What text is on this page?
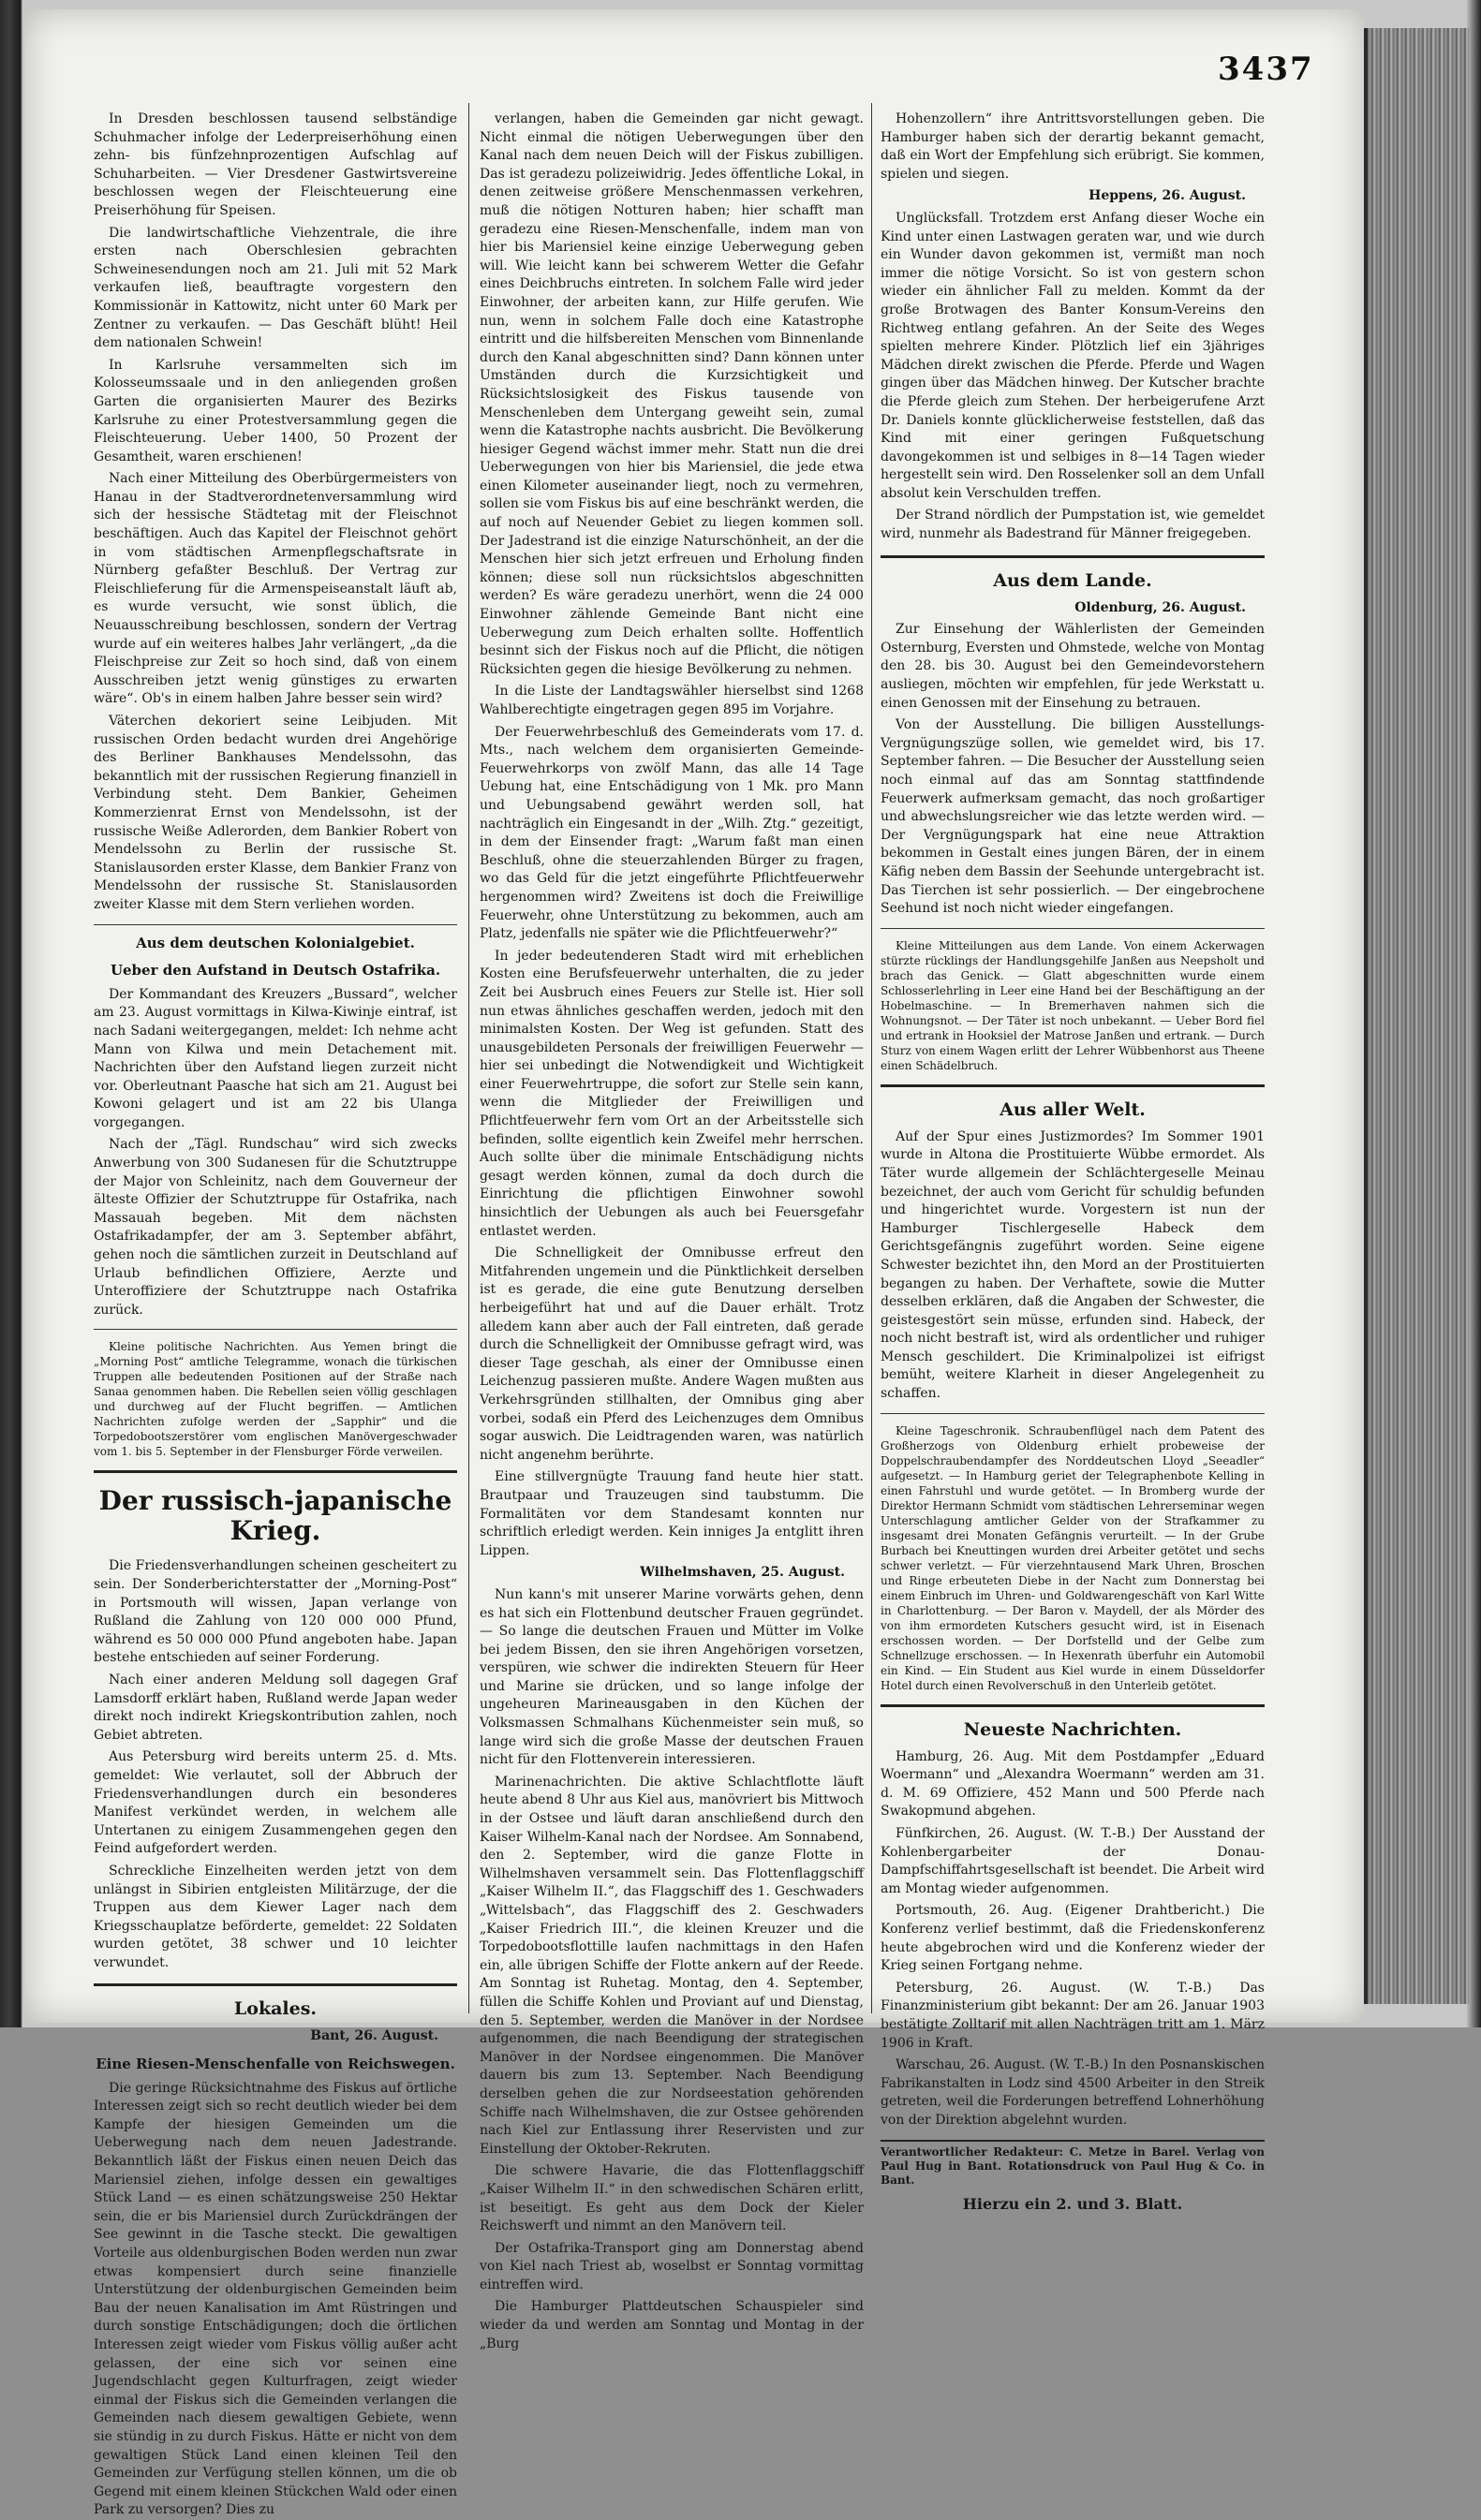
3437

In Dresden beschlossen tausend selbständige Schuhmacher infolge der Lederpreiserhöhung einen zehn- bis fünfzehnprozentigen Aufschlag auf Schuharbeiten. — Vier Dresdener Gastwirtsvereine beschlossen wegen der Fleischteuerung eine Preiserhöhung für Speisen.

Die landwirtschaftliche Viehzentrale, die ihre ersten nach Oberschlesien gebrachten Schweinesendungen noch am 21. Juli mit 52 Mark verkaufen ließ, beauftragte vorgestern den Kommissionär in Kattowitz, nicht unter 60 Mark per Zentner zu verkaufen. — Das Geschäft blüht! Heil dem nationalen Schwein!

In Karlsruhe versammelten sich im Kolosseumssaale und in den anliegenden großen Garten die organisierten Maurer des Bezirks Karlsruhe zu einer Protestversammlung gegen die Fleischteuerung. Ueber 1400, 50 Prozent der Gesamtheit, waren erschienen!

Nach einer Mitteilung des Oberbürgermeisters von Hanau in der Stadtverordnetenversammlung wird sich der hessische Städtetag mit der Fleischnot beschäftigen. Auch das Kapitel der Fleischnot gehört in vom städtischen Armenpflegschaftsrate in Nürnberg gefaßter Beschluß. Der Vertrag zur Fleischlieferung für die Armenspeiseanstalt läuft ab, es wurde versucht, wie sonst üblich, die Neuausschreibung beschlossen, sondern der Vertrag wurde auf ein weiteres halbes Jahr verlängert, „da die Fleischpreise zur Zeit so hoch sind, daß von einem Ausschreiben jetzt wenig günstiges zu erwarten wäre“. Ob's in einem halben Jahre besser sein wird?

Väterchen dekoriert seine Leibjuden. Mit russischen Orden bedacht wurden drei Angehörige des Berliner Bankhauses Mendelssohn, das bekanntlich mit der russischen Regierung finanziell in Verbindung steht. Dem Bankier, Geheimen Kommerzienrat Ernst von Mendelssohn, ist der russische Weiße Adlerorden, dem Bankier Robert von Mendelssohn zu Berlin der russische St. Stanislausorden erster Klasse, dem Bankier Franz von Mendelssohn der russische St. Stanislausorden zweiter Klasse mit dem Stern verliehen worden.

Aus dem deutschen Kolonialgebiet.
Ueber den Aufstand in Deutsch Ostafrika.

Der Kommandant des Kreuzers „Bussard“, welcher am 23. August vormittags in Kilwa-Kiwinje eintraf, ist nach Sadani weitergegangen, meldet: Ich nehme acht Mann von Kilwa und mein Detachement mit. Nachrichten über den Aufstand liegen zurzeit nicht vor. Oberleutnant Paasche hat sich am 21. August bei Kowoni gelagert und ist am 22 bis Ulanga vorgegangen.

Nach der „Tägl. Rundschau“ wird sich zwecks Anwerbung von 300 Sudanesen für die Schutztruppe der Major von Schleinitz, nach dem Gouverneur der älteste Offizier der Schutztruppe für Ostafrika, nach Massauah begeben. Mit dem nächsten Ostafrikadampfer, der am 3. September abfährt, gehen noch die sämtlichen zurzeit in Deutschland auf Urlaub befindlichen Offiziere, Aerzte und Unteroffiziere der Schutztruppe nach Ostafrika zurück.

Kleine politische Nachrichten. Aus Yemen bringt die „Morning Post“ amtliche Telegramme, wonach die türkischen Truppen alle bedeutenden Positionen auf der Straße nach Sanaa genommen haben. Die Rebellen seien völlig geschlagen und durchweg auf der Flucht begriffen. — Amtlichen Nachrichten zufolge werden der „Sapphir“ und die Torpedobootszerstörer vom englischen Manövergeschwader vom 1. bis 5. September in der Flensburger Förde verweilen.

Der russisch-japanische Krieg.

Die Friedensverhandlungen scheinen gescheitert zu sein. Der Sonderberichterstatter der „Morning-Post“ in Portsmouth will wissen, Japan verlange von Rußland die Zahlung von 120 000 000 Pfund, während es 50 000 000 Pfund angeboten habe. Japan bestehe entschieden auf seiner Forderung.

Nach einer anderen Meldung soll dagegen Graf Lamsdorff erklärt haben, Rußland werde Japan weder direkt noch indirekt Kriegskontribution zahlen, noch Gebiet abtreten.

Aus Petersburg wird bereits unterm 25. d. Mts. gemeldet: Wie verlautet, soll der Abbruch der Friedensverhandlungen durch ein besonderes Manifest verkündet werden, in welchem alle Untertanen zu einigem Zusammengehen gegen den Feind aufgefordert werden.

Schreckliche Einzelheiten werden jetzt von dem unlängst in Sibirien entgleisten Militärzuge, der die Truppen aus dem Kiewer Lager nach dem Kriegsschauplatze beförderte, gemeldet: 22 Soldaten wurden getötet, 38 schwer und 10 leichter verwundet.

Lokales.
Bant, 26. August.
Eine Riesen-Menschenfalle von Reichswegen.

Die geringe Rücksichtnahme des Fiskus auf örtliche Interessen zeigt sich so recht deutlich wieder bei dem Kampfe der hiesigen Gemeinden um die Ueberwegung nach dem neuen Jadestrande. Bekanntlich läßt der Fiskus einen neuen Deich das Mariensiel ziehen, infolge dessen ein gewaltiges Stück Land — es einen schätzungsweise 250 Hektar sein, die er bis Mariensiel durch Zurückdrängen der See gewinnt in die Tasche steckt. Die gewaltigen Vorteile aus oldenburgischen Boden werden nun zwar etwas kompensiert durch seine finanzielle Unterstützung der oldenburgischen Gemeinden beim Bau der neuen Kanalisation im Amt Rüstringen und durch sonstige Entschädigungen; doch die örtlichen Interessen zeigt wieder vom Fiskus völlig außer acht gelassen, der eine sich vor seinen eine Jugendschlacht gegen Kulturfragen, zeigt wieder einmal der Fiskus sich die Gemeinden verlangen die Gemeinden nach diesem gewaltigen Gebiete, wenn sie stündig in zu durch Fiskus. Hätte er nicht von dem gewaltigen Stück Land einen kleinen Teil den Gemeinden zur Verfügung stellen können, um die ob Gegend mit einem kleinen Stückchen Wald oder einen Park zu versorgen? Dies zu

verlangen, haben die Gemeinden gar nicht gewagt. Nicht einmal die nötigen Ueberwegungen über den Kanal nach dem neuen Deich will der Fiskus zubilligen. Das ist geradezu polizeiwidrig. Jedes öffentliche Lokal, in denen zeitweise größere Menschenmassen verkehren, muß die nötigen Notturen haben; hier schafft man geradezu eine Riesen-Menschenfalle, indem man von hier bis Mariensiel keine einzige Ueberwegung geben will. Wie leicht kann bei schwerem Wetter die Gefahr eines Deichbruchs eintreten. In solchem Falle wird jeder Einwohner, der arbeiten kann, zur Hilfe gerufen. Wie nun, wenn in solchem Falle doch eine Katastrophe eintritt und die hilfsbereiten Menschen vom Binnenlande durch den Kanal abgeschnitten sind? Dann können unter Umständen durch die Kurzsichtigkeit und Rücksichtslosigkeit des Fiskus tausende von Menschenleben dem Untergang geweiht sein, zumal wenn die Katastrophe nachts ausbricht. Die Bevölkerung hiesiger Gegend wächst immer mehr. Statt nun die drei Ueberwegungen von hier bis Mariensiel, die jede etwa einen Kilometer auseinander liegt, noch zu vermehren, sollen sie vom Fiskus bis auf eine beschränkt werden, die auf noch auf Neuender Gebiet zu liegen kommen soll. Der Jadestrand ist die einzige Naturschönheit, an der die Menschen hier sich jetzt erfreuen und Erholung finden können; diese soll nun rücksichtslos abgeschnitten werden? Es wäre geradezu unerhört, wenn die 24 000 Einwohner zählende Gemeinde Bant nicht eine Ueberwegung zum Deich erhalten sollte. Hoffentlich besinnt sich der Fiskus noch auf die Pflicht, die nötigen Rücksichten gegen die hiesige Bevölkerung zu nehmen.

In die Liste der Landtagswähler hierselbst sind 1268 Wahlberechtigte eingetragen gegen 895 im Vorjahre.

Der Feuerwehrbeschluß des Gemeinderats vom 17. d. Mts., nach welchem dem organisierten Gemeinde-Feuerwehrkorps von zwölf Mann, das alle 14 Tage Uebung hat, eine Entschädigung von 1 Mk. pro Mann und Uebungsabend gewährt werden soll, hat nachträglich ein Eingesandt in der „Wilh. Ztg.“ gezeitigt, in dem der Einsender fragt: „Warum faßt man einen Beschluß, ohne die steuerzahlenden Bürger zu fragen, wo das Geld für die jetzt eingeführte Pflichtfeuerwehr hergenommen wird? Zweitens ist doch die Freiwillige Feuerwehr, ohne Unterstützung zu bekommen, auch am Platz, jedenfalls nie später wie die Pflichtfeuerwehr?“

In jeder bedeutenderen Stadt wird mit erheblichen Kosten eine Berufsfeuerwehr unterhalten, die zu jeder Zeit bei Ausbruch eines Feuers zur Stelle ist. Hier soll nun etwas ähnliches geschaffen werden, jedoch mit den minimalsten Kosten. Der Weg ist gefunden. Statt des unausgebildeten Personals der freiwilligen Feuerwehr — hier sei unbedingt die Notwendigkeit und Wichtigkeit einer Feuerwehrtruppe, die sofort zur Stelle sein kann, wenn die Mitglieder der Freiwilligen und Pflichtfeuerwehr fern vom Ort an der Arbeitsstelle sich befinden, sollte eigentlich kein Zweifel mehr herrschen. Auch sollte über die minimale Entschädigung nichts gesagt werden können, zumal da doch durch die Einrichtung die pflichtigen Einwohner sowohl hinsichtlich der Uebungen als auch bei Feuersgefahr entlastet werden.

Die Schnelligkeit der Omnibusse erfreut den Mitfahrenden ungemein und die Pünktlichkeit derselben ist es gerade, die eine gute Benutzung derselben herbeigeführt hat und auf die Dauer erhält. Trotz alledem kann aber auch der Fall eintreten, daß gerade durch die Schnelligkeit der Omnibusse gefragt wird, was dieser Tage geschah, als einer der Omnibusse einen Leichenzug passieren mußte. Andere Wagen mußten aus Verkehrsgründen stillhalten, der Omnibus ging aber vorbei, sodaß ein Pferd des Leichenzuges dem Omnibus sogar auswich. Die Leidtragenden waren, was natürlich nicht angenehm berührte.

Eine stillvergnügte Trauung fand heute hier statt. Brautpaar und Trauzeugen sind taubstumm. Die Formalitäten vor dem Standesamt konnten nur schriftlich erledigt werden. Kein inniges Ja entglitt ihren Lippen.

Wilhelmshaven, 25. August.

Nun kann's mit unserer Marine vorwärts gehen, denn es hat sich ein Flottenbund deutscher Frauen gegründet. — So lange die deutschen Frauen und Mütter im Volke bei jedem Bissen, den sie ihren Angehörigen vorsetzen, verspüren, wie schwer die indirekten Steuern für Heer und Marine sie drücken, und so lange infolge der ungeheuren Marineausgaben in den Küchen der Volksmassen Schmalhans Küchenmeister sein muß, so lange wird sich die große Masse der deutschen Frauen nicht für den Flottenverein interessieren.

Marinenachrichten. Die aktive Schlachtflotte läuft heute abend 8 Uhr aus Kiel aus, manövriert bis Mittwoch in der Ostsee und läuft daran anschließend durch den Kaiser Wilhelm-Kanal nach der Nordsee. Am Sonnabend, den 2. September, wird die ganze Flotte in Wilhelmshaven versammelt sein. Das Flottenflaggschiff „Kaiser Wilhelm II.“, das Flaggschiff des 1. Geschwaders „Wittelsbach“, das Flaggschiff des 2. Geschwaders „Kaiser Friedrich III.“, die kleinen Kreuzer und die Torpedobootsflottille laufen nachmittags in den Hafen ein, alle übrigen Schiffe der Flotte ankern auf der Reede. Am Sonntag ist Ruhetag. Montag, den 4. September, füllen die Schiffe Kohlen und Proviant auf und Dienstag, den 5. September, werden die Manöver in der Nordsee aufgenommen, die nach Beendigung der strategischen Manöver in der Nordsee eingenommen. Die Manöver dauern bis zum 13. September. Nach Beendigung derselben gehen die zur Nordseestation gehörenden Schiffe nach Wilhelmshaven, die zur Ostsee gehörenden nach Kiel zur Entlassung ihrer Reservisten und zur Einstellung der Oktober-Rekruten.

Die schwere Havarie, die das Flottenflaggschiff „Kaiser Wilhelm II.“ in den schwedischen Schären erlitt, ist beseitigt. Es geht aus dem Dock der Kieler Reichswerft und nimmt an den Manövern teil.

Der Ostafrika-Transport ging am Donnerstag abend von Kiel nach Triest ab, woselbst er Sonntag vormittag eintreffen wird.

Die Hamburger Plattdeutschen Schauspieler sind wieder da und werden am Sonntag und Montag in der „Burg

Hohenzollern“ ihre Antrittsvorstellungen geben. Die Hamburger haben sich der derartig bekannt gemacht, daß ein Wort der Empfehlung sich erübrigt. Sie kommen, spielen und siegen.

Heppens, 26. August.

Unglücksfall. Trotzdem erst Anfang dieser Woche ein Kind unter einen Lastwagen geraten war, und wie durch ein Wunder davon gekommen ist, vermißt man noch immer die nötige Vorsicht. So ist von gestern schon wieder ein ähnlicher Fall zu melden. Kommt da der große Brotwagen des Banter Konsum-Vereins den Richtweg entlang gefahren. An der Seite des Weges spielten mehrere Kinder. Plötzlich lief ein 3jähriges Mädchen direkt zwischen die Pferde. Pferde und Wagen gingen über das Mädchen hinweg. Der Kutscher brachte die Pferde gleich zum Stehen. Der herbeigerufene Arzt Dr. Daniels konnte glücklicherweise feststellen, daß das Kind mit einer geringen Fußquetschung davongekommen ist und selbiges in 8—14 Tagen wieder hergestellt sein wird. Den Rosselenker soll an dem Unfall absolut kein Verschulden treffen.

Der Strand nördlich der Pumpstation ist, wie gemeldet wird, nunmehr als Badestrand für Männer freigegeben.

Aus dem Lande.
Oldenburg, 26. August.

Zur Einsehung der Wählerlisten der Gemeinden Osternburg, Eversten und Ohmstede, welche von Montag den 28. bis 30. August bei den Gemeindevorstehern ausliegen, möchten wir empfehlen, für jede Werkstatt u. einen Genossen mit der Einsehung zu betrauen.

Von der Ausstellung. Die billigen Ausstellungs-Vergnügungszüge sollen, wie gemeldet wird, bis 17. September fahren. — Die Besucher der Ausstellung seien noch einmal auf das am Sonntag stattfindende Feuerwerk aufmerksam gemacht, das noch großartiger und abwechslungsreicher wie das letzte werden wird. — Der Vergnügungspark hat eine neue Attraktion bekommen in Gestalt eines jungen Bären, der in einem Käfig neben dem Bassin der Seehunde untergebracht ist. Das Tierchen ist sehr possierlich. — Der eingebrochene Seehund ist noch nicht wieder eingefangen.

Kleine Mitteilungen aus dem Lande. Von einem Ackerwagen stürzte rücklings der Handlungsgehilfe Janßen aus Neepsholt und brach das Genick. — Glatt abgeschnitten wurde einem Schlosserlehrling in Leer eine Hand bei der Beschäftigung an der Hobelmaschine. — In Bremerhaven nahmen sich die Wohnungsnot. — Der Täter ist noch unbekannt. — Ueber Bord fiel und ertrank in Hooksiel der Matrose Janßen und ertrank. — Durch Sturz von einem Wagen erlitt der Lehrer Wübbenhorst aus Theene einen Schädelbruch.

Aus aller Welt.

Auf der Spur eines Justizmordes? Im Sommer 1901 wurde in Altona die Prostituierte Wübbe ermordet. Als Täter wurde allgemein der Schlächtergeselle Meinau bezeichnet, der auch vom Gericht für schuldig befunden und hingerichtet wurde. Vorgestern ist nun der Hamburger Tischlergeselle Habeck dem Gerichtsgefängnis zugeführt worden. Seine eigene Schwester bezichtet ihn, den Mord an der Prostituierten begangen zu haben. Der Verhaftete, sowie die Mutter desselben erklären, daß die Angaben der Schwester, die geistesgestört sein müsse, erfunden sind. Habeck, der noch nicht bestraft ist, wird als ordentlicher und ruhiger Mensch geschildert. Die Kriminalpolizei ist eifrigst bemüht, weitere Klarheit in dieser Angelegenheit zu schaffen.

Kleine Tageschronik. Schraubenflügel nach dem Patent des Großherzogs von Oldenburg erhielt probeweise der Doppelschraubendampfer des Norddeutschen Lloyd „Seeadler“ aufgesetzt. — In Hamburg geriet der Telegraphenbote Kelling in einen Fahrstuhl und wurde getötet. — In Bromberg wurde der Direktor Hermann Schmidt vom städtischen Lehrerseminar wegen Unterschlagung amtlicher Gelder von der Strafkammer zu insgesamt drei Monaten Gefängnis verurteilt. — In der Grube Burbach bei Kneuttingen wurden drei Arbeiter getötet und sechs schwer verletzt. — Für vierzehntausend Mark Uhren, Broschen und Ringe erbeuteten Diebe in der Nacht zum Donnerstag bei einem Einbruch im Uhren- und Goldwarengeschäft von Karl Witte in Charlottenburg. — Der Baron v. Maydell, der als Mörder des von ihm ermordeten Kutschers gesucht wird, ist in Eisenach erschossen worden. — Der Dorfstelld und der Gelbe zum Schnellzuge erschossen. — In Hexenrath überfuhr ein Automobil ein Kind. — Ein Student aus Kiel wurde in einem Düsseldorfer Hotel durch einen Revolverschuß in den Unterleib getötet.

Neueste Nachrichten.

Hamburg, 26. Aug. Mit dem Postdampfer „Eduard Woermann“ und „Alexandra Woermann“ werden am 31. d. M. 69 Offiziere, 452 Mann und 500 Pferde nach Swakopmund abgehen.

Fünfkirchen, 26. August. (W. T.-B.) Der Ausstand der Kohlenbergarbeiter der Donau-Dampfschiffahrtsgesellschaft ist beendet. Die Arbeit wird am Montag wieder aufgenommen.

Portsmouth, 26. Aug. (Eigener Drahtbericht.) Die Konferenz verlief bestimmt, daß die Friedenskonferenz heute abgebrochen wird und die Konferenz wieder der Krieg seinen Fortgang nehme.

Petersburg, 26. August. (W. T.-B.) Das Finanzministerium gibt bekannt: Der am 26. Januar 1903 bestätigte Zolltarif mit allen Nachträgen tritt am 1. März 1906 in Kraft.

Warschau, 26. August. (W. T.-B.) In den Posnanskischen Fabrikanstalten in Lodz sind 4500 Arbeiter in den Streik getreten, weil die Forderungen betreffend Lohnerhöhung von der Direktion abgelehnt wurden.

Verantwortlicher Redakteur: C. Metze in Barel. Verlag von Paul Hug in Bant. Rotationsdruck von Paul Hug & Co. in Bant.
Hierzu ein 2. und 3. Blatt.
